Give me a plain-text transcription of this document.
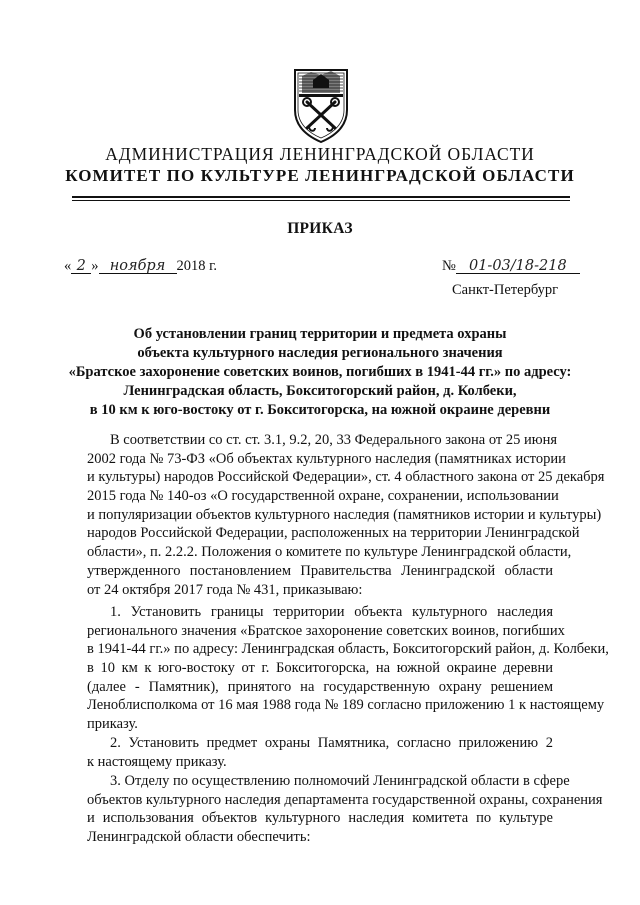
АДМИНИСТРАЦИЯ ЛЕНИНГРАДСКОЙ ОБЛАСТИ
КОМИТЕТ ПО КУЛЬТУРЕ ЛЕНИНГРАДСКОЙ ОБЛАСТИ
ПРИКАЗ
« 2 » ноября 2018 г.	№ 01-03/18-218
Санкт-Петербург
Об установлении границ территории и предмета охраны
объекта культурного наследия регионального значения
«Братское захоронение советских воинов, погибших в 1941-44 гг.» по адресу:
Ленинградская область, Бокситогорский район, д. Колбеки,
в 10 км к юго-востоку от г. Бокситогорска, на южной окраине деревни
В соответствии со ст. ст. 3.1, 9.2, 20, 33 Федерального закона от 25 июня
2002 года № 73-ФЗ «Об объектах культурного наследия (памятниках истории
и культуры) народов Российской Федерации», ст. 4 областного закона от 25 декабря
2015 года № 140-оз «О государственной охране, сохранении, использовании
и популяризации объектов культурного наследия (памятников истории и культуры)
народов Российской Федерации, расположенных на территории Ленинградской
области», п. 2.2.2. Положения о комитете по культуре Ленинградской области,
утвержденного постановлением Правительства Ленинградской области
от 24 октября 2017 года № 431, приказываю:
1. Установить границы территории объекта культурного наследия
регионального значения «Братское захоронение советских воинов, погибших
в 1941-44 гг.» по адресу: Ленинградская область, Бокситогорский район, д. Колбеки,
в 10 км к юго-востоку от г. Бокситогорска, на южной окраине деревни
(далее - Памятник), принятого на государственную охрану решением
Леноблисполкома от 16 мая 1988 года № 189 согласно приложению 1 к настоящему
приказу.
2. Установить предмет охраны Памятника, согласно приложению 2
к настоящему приказу.
3. Отделу по осуществлению полномочий Ленинградской области в сфере
объектов культурного наследия департамента государственной охраны, сохранения
и использования объектов культурного наследия комитета по культуре
Ленинградской области обеспечить:
